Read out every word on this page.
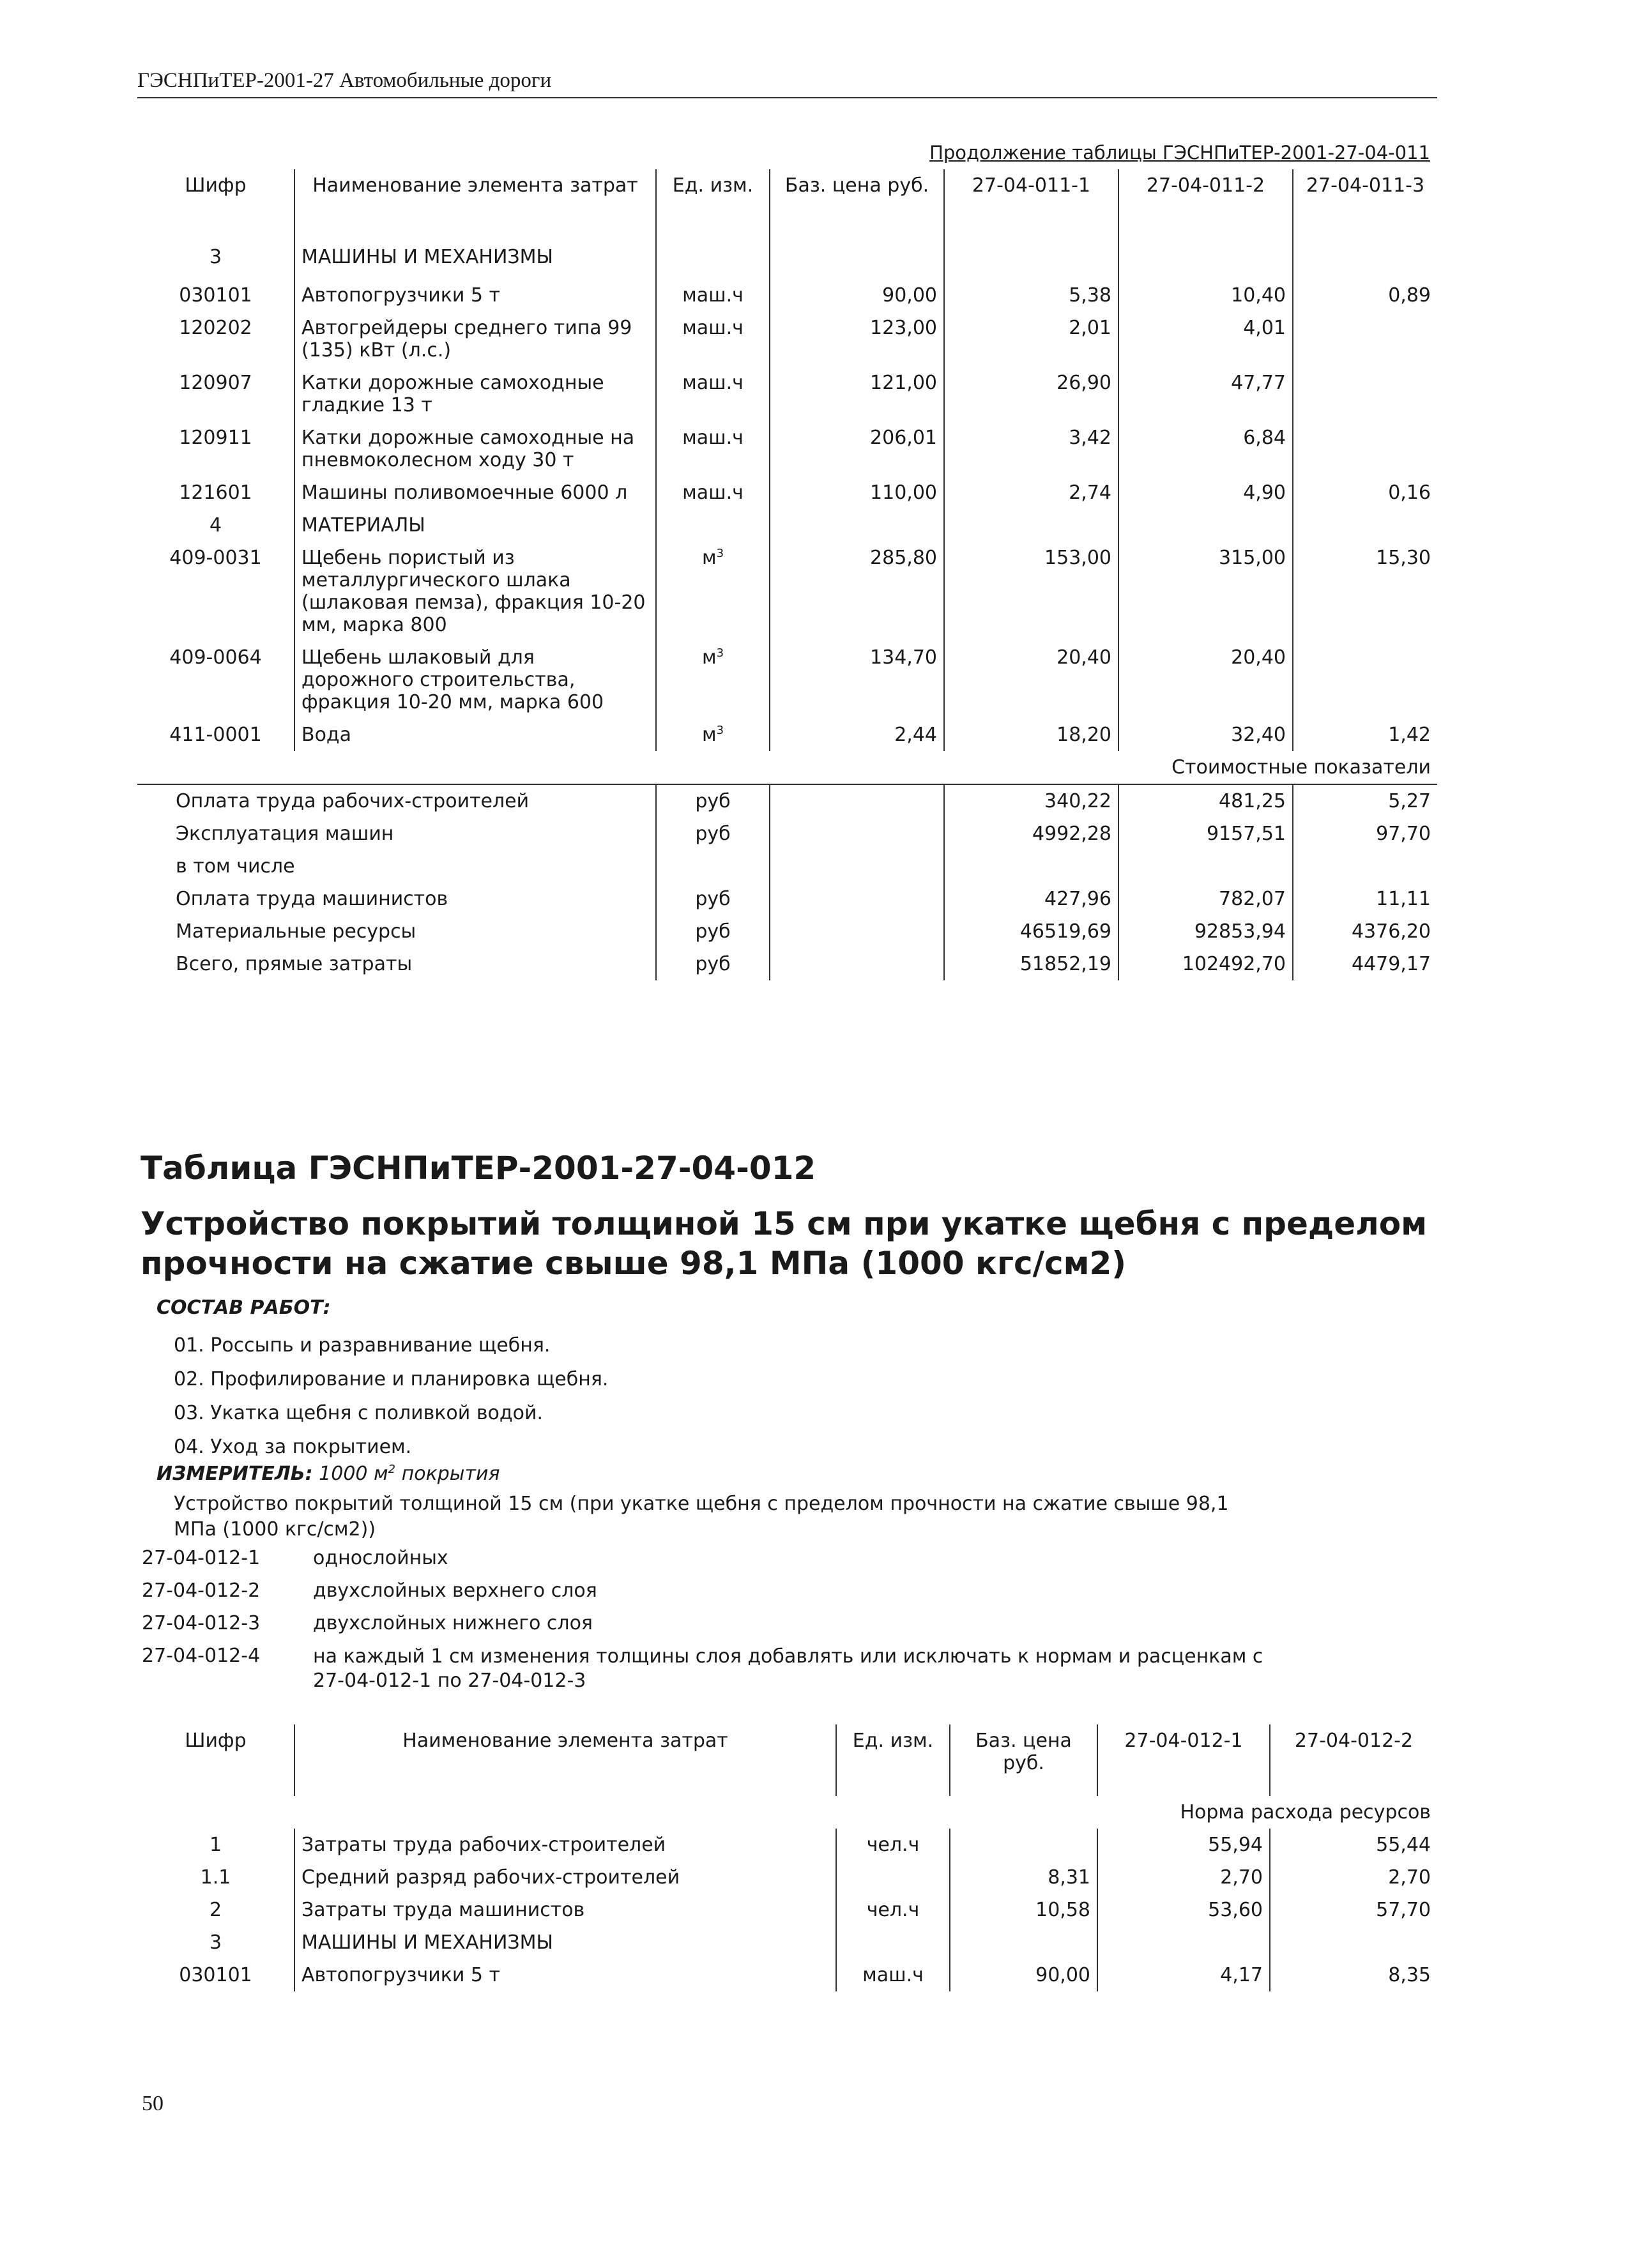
ГЭСНПиТЕР-2001-27 Автомобильные дороги
Продолжение таблицы ГЭСНПиТЕР-2001-27-04-011
Шифр	Наименование элемента затрат	Ед. изм.	Баз. цена руб.	27-04-011-1	27-04-011-2	27-04-011-3
3	МАШИНЫ И МЕХАНИЗМЫ					
030101	Автопогрузчики 5 т	маш.ч	90,00	5,38	10,40	0,89
120202	Автогрейдеры среднего типа 99 (135) кВт (л.с.)	маш.ч	123,00	2,01	4,01	
120907	Катки дорожные самоходные гладкие 13 т	маш.ч	121,00	26,90	47,77	
120911	Катки дорожные самоходные на пневмоколесном ходу 30 т	маш.ч	206,01	3,42	6,84	
121601	Машины поливомоечные 6000 л	маш.ч	110,00	2,74	4,90	0,16
4	МАТЕРИАЛЫ					
409-0031	Щебень пористый из металлургического шлака (шлаковая пемза), фракция 10-20 мм, марка 800	$м^3$	285,80	153,00	315,00	15,30
409-0064	Щебень шлаковый для дорожного строительства, фракция 10-20 мм, марка 600	$м^3$	134,70	20,40	20,40	
411-0001	Вода	$м^3$	2,44	18,20	32,40	1,42
Стоимостные показатели						
Оплата труда рабочих-строителей		руб		340,22	481,25	5,27
Эксплуатация машин		руб		4992,28	9157,51	97,70
в том числе						
Оплата труда машинистов		руб		427,96	782,07	11,11
Материальные ресурсы		руб		46519,69	92853,94	4376,20
Всего, прямые затраты		руб		51852,19	102492,70	4479,17
Таблица ГЭСНПиТЕР-2001-27-04-012
Устройство покрытий толщиной 15 см при укатке щебня с пределом прочности на сжатие свыше 98,1 МПа (1000 кгс/см2)
СОСТАВ РАБОТ:
01. Россыпь и разравнивание щебня.
02. Профилирование и планировка щебня.
03. Укатка щебня с поливкой водой.
04. Уход за покрытием.
ИЗМЕРИТЕЛЬ: 1000 $м^2$ покрытия
Устройство покрытий толщиной 15 см (при укатке щебня с пределом прочности на сжатие свыше 98,1 МПа (1000 кгс/см2))
27-04-012-1	однослойных
27-04-012-2	двухслойных верхнего слоя
27-04-012-3	двухслойных нижнего слоя
27-04-012-4	на каждый 1 см изменения толщины слоя добавлять или исключать к нормам и расценкам с 27-04-012-1 по 27-04-012-3
Шифр	Наименование элемента затрат	Ед. изм.	Баз. цена руб.	27-04-012-1	27-04-012-2
Норма расхода ресурсов					
1	Затраты труда рабочих-строителей	чел.ч		55,94	55,44
1.1	Средний разряд рабочих-строителей		8,31	2,70	2,70
2	Затраты труда машинистов	чел.ч	10,58	53,60	57,70
3	МАШИНЫ И МЕХАНИЗМЫ				
030101	Автопогрузчики 5 т	маш.ч	90,00	4,17	8,35
50
